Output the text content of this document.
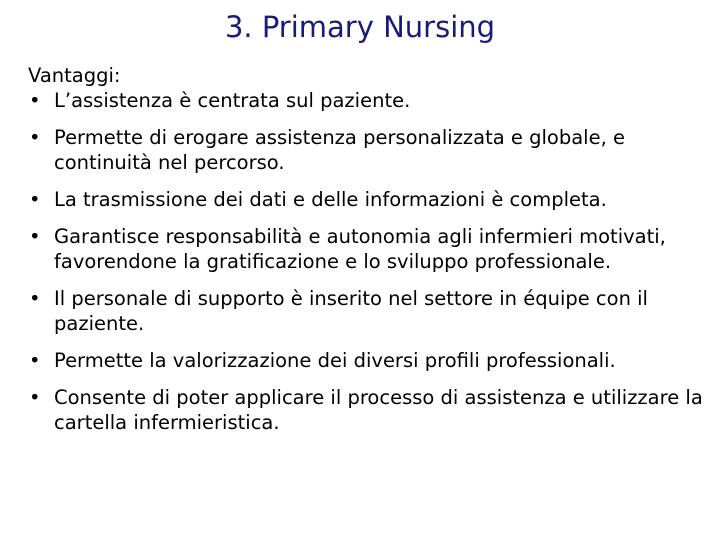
3. Primary Nursing

Vantaggi:

• L’assistenza è centrata sul paziente.
• Permette di erogare assistenza personalizzata e globale, e continuità nel percorso.
• La trasmissione dei dati e delle informazioni è completa.
• Garantisce responsabilità e autonomia agli infermieri motivati, favorendone la gratificazione e lo sviluppo professionale.
• Il personale di supporto è inserito nel settore in équipe con il paziente.
• Permette la valorizzazione dei diversi profili professionali.
• Consente di poter applicare il processo di assistenza e utilizzare la cartella infermieristica.
